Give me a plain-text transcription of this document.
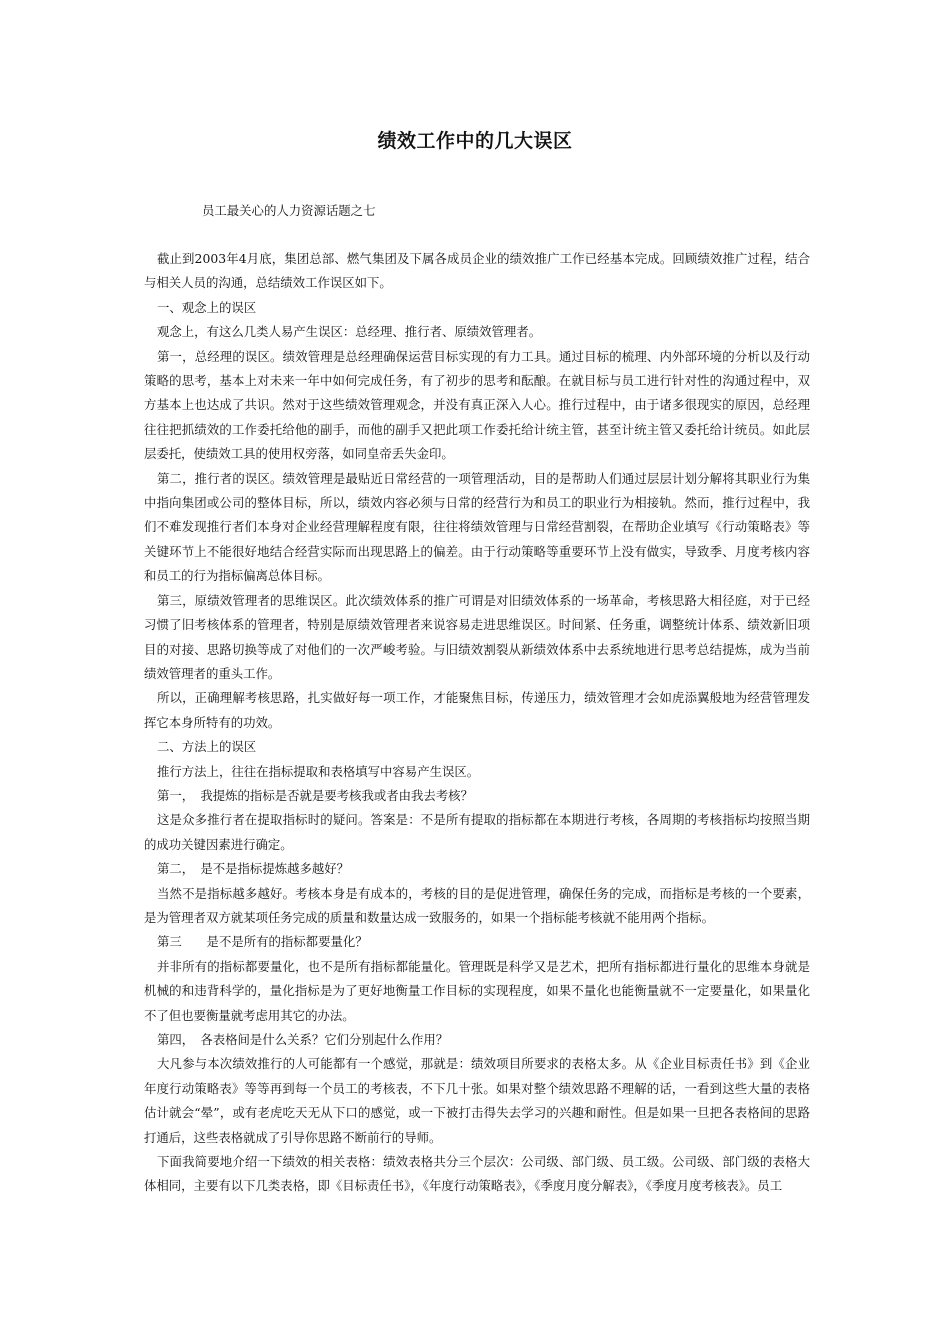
绩效工作中的几大误区

员工最关心的人力资源话题之七

截止到2003年4月底，集团总部、燃气集团及下属各成员企业的绩效推广工作已经基本完成。回顾绩效推广过程，结合与相关人员的沟通，总结绩效工作误区如下。

一、观念上的误区

观念上，有这么几类人易产生误区：总经理、推行者、原绩效管理者。

第一，总经理的误区。绩效管理是总经理确保运营目标实现的有力工具。通过目标的梳理、内外部环境的分析以及行动策略的思考，基本上对未来一年中如何完成任务，有了初步的思考和酝酿。在就目标与员工进行针对性的沟通过程中，双方基本上也达成了共识。然对于这些绩效管理观念，并没有真正深入人心。推行过程中，由于诸多很现实的原因，总经理往往把抓绩效的工作委托给他的副手，而他的副手又把此项工作委托给计统主管，甚至计统主管又委托给计统员。如此层层委托，使绩效工具的使用权旁落，如同皇帝丢失金印。

第二，推行者的误区。绩效管理是最贴近日常经营的一项管理活动，目的是帮助人们通过层层计划分解将其职业行为集中指向集团或公司的整体目标，所以，绩效内容必须与日常的经营行为和员工的职业行为相接轨。然而，推行过程中，我们不难发现推行者们本身对企业经营理解程度有限，往往将绩效管理与日常经营割裂，在帮助企业填写《行动策略表》等关键环节上不能很好地结合经营实际而出现思路上的偏差。由于行动策略等重要环节上没有做实，导致季、月度考核内容和员工的行为指标偏离总体目标。

第三，原绩效管理者的思维误区。此次绩效体系的推广可谓是对旧绩效体系的一场革命，考核思路大相径庭，对于已经习惯了旧考核体系的管理者，特别是原绩效管理者来说容易走进思维误区。时间紧、任务重，调整统计体系、绩效新旧项目的对接、思路切换等成了对他们的一次严峻考验。与旧绩效割裂从新绩效体系中去系统地进行思考总结提炼，成为当前绩效管理者的重头工作。

所以，正确理解考核思路，扎实做好每一项工作，才能聚焦目标，传递压力，绩效管理才会如虎添翼般地为经营管理发挥它本身所特有的功效。

二、方法上的误区

推行方法上，往往在指标提取和表格填写中容易产生误区。

第一，　我提炼的指标是否就是要考核我或者由我去考核？

这是众多推行者在提取指标时的疑问。答案是：不是所有提取的指标都在本期进行考核，各周期的考核指标均按照当期的成功关键因素进行确定。

第二，　是不是指标提炼越多越好？

当然不是指标越多越好。考核本身是有成本的，考核的目的是促进管理，确保任务的完成，而指标是考核的一个要素，是为管理者双方就某项任务完成的质量和数量达成一致服务的，如果一个指标能考核就不能用两个指标。

第三　　是不是所有的指标都要量化？

并非所有的指标都要量化，也不是所有指标都能量化。管理既是科学又是艺术，把所有指标都进行量化的思维本身就是机械的和违背科学的，量化指标是为了更好地衡量工作目标的实现程度，如果不量化也能衡量就不一定要量化，如果量化不了但也要衡量就考虑用其它的办法。

第四，　各表格间是什么关系？它们分别起什么作用？

大凡参与本次绩效推行的人可能都有一个感觉，那就是：绩效项目所要求的表格太多。从《企业目标责任书》到《企业年度行动策略表》等等再到每一个员工的考核表，不下几十张。如果对整个绩效思路不理解的话，一看到这些大量的表格估计就会“晕”，或有老虎吃天无从下口的感觉，或一下被打击得失去学习的兴趣和耐性。但是如果一旦把各表格间的思路打通后，这些表格就成了引导你思路不断前行的导师。

下面我简要地介绍一下绩效的相关表格：绩效表格共分三个层次：公司级、部门级、员工级。公司级、部门级的表格大体相同，主要有以下几类表格，即《目标责任书》，《年度行动策略表》，《季度月度分解表》，《季度月度考核表》。员工
